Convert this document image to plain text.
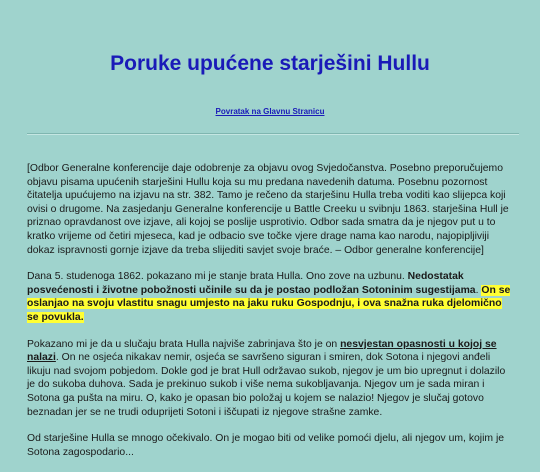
Poruke upućene starješini Hullu
Povratak na Glavnu Stranicu

[Odbor Generalne konferencije daje odobrenje za objavu ovog Svjedočanstva. Posebno preporučujemo objavu pisama upućenih starješini Hullu koja su mu predana navedenih datuma. Posebnu pozornost čitatelja upućujemo na izjavu na str. 382. Tamo je rečeno da starješinu Hulla treba voditi kao slijepca koji ovisi o drugome. Na zasjedanju Generalne konferencije u Battle Creeku u svibnju 1863. starješina Hull je priznao opravdanost ove izjave, ali kojoj se poslije usprotivio. Odbor sada smatra da je njegov put u to kratko vrijeme od četiri mjeseca, kad je odbacio sve točke vjere drage nama kao narodu, najopipljiviji dokaz ispravnosti gornje izjave da treba slijediti savjet svoje braće. – Odbor generalne konferencije]

Dana 5. studenoga 1862. pokazano mi je stanje brata Hulla. Ono zove na uzbunu. Nedostatak posvećenosti i životne pobožnosti učinile su da je postao podložan Sotoninim sugestijama. On se oslanjao na svoju vlastitu snagu umjesto na jaku ruku Gospodnju, i ova snažna ruka djelomično se povukla.

Pokazano mi je da u slučaju brata Hulla najviše zabrinjava što je on nesvjestan opasnosti u kojoj se nalazi. On ne osjeća nikakav nemir, osjeća se savršeno siguran i smiren, dok Sotona i njegovi anđeli likuju nad svojom pobjedom. Dokle god je brat Hull održavao sukob, njegov je um bio upregnut i dolazilo je do sukoba duhova. Sada je prekinuo sukob i više nema sukobljavanja. Njegov um je sada miran i Sotona ga pušta na miru. O, kako je opasan bio položaj u kojem se nalazio! Njegov je slučaj gotovo beznadan jer se ne trudi oduprijeti Sotoni i iščupati iz njegove strašne zamke.

Od starješine Hulla se mnogo očekivalo. On je mogao biti od velike pomoći djelu, ali njegov um, kojim je Sotona zagospodario...
